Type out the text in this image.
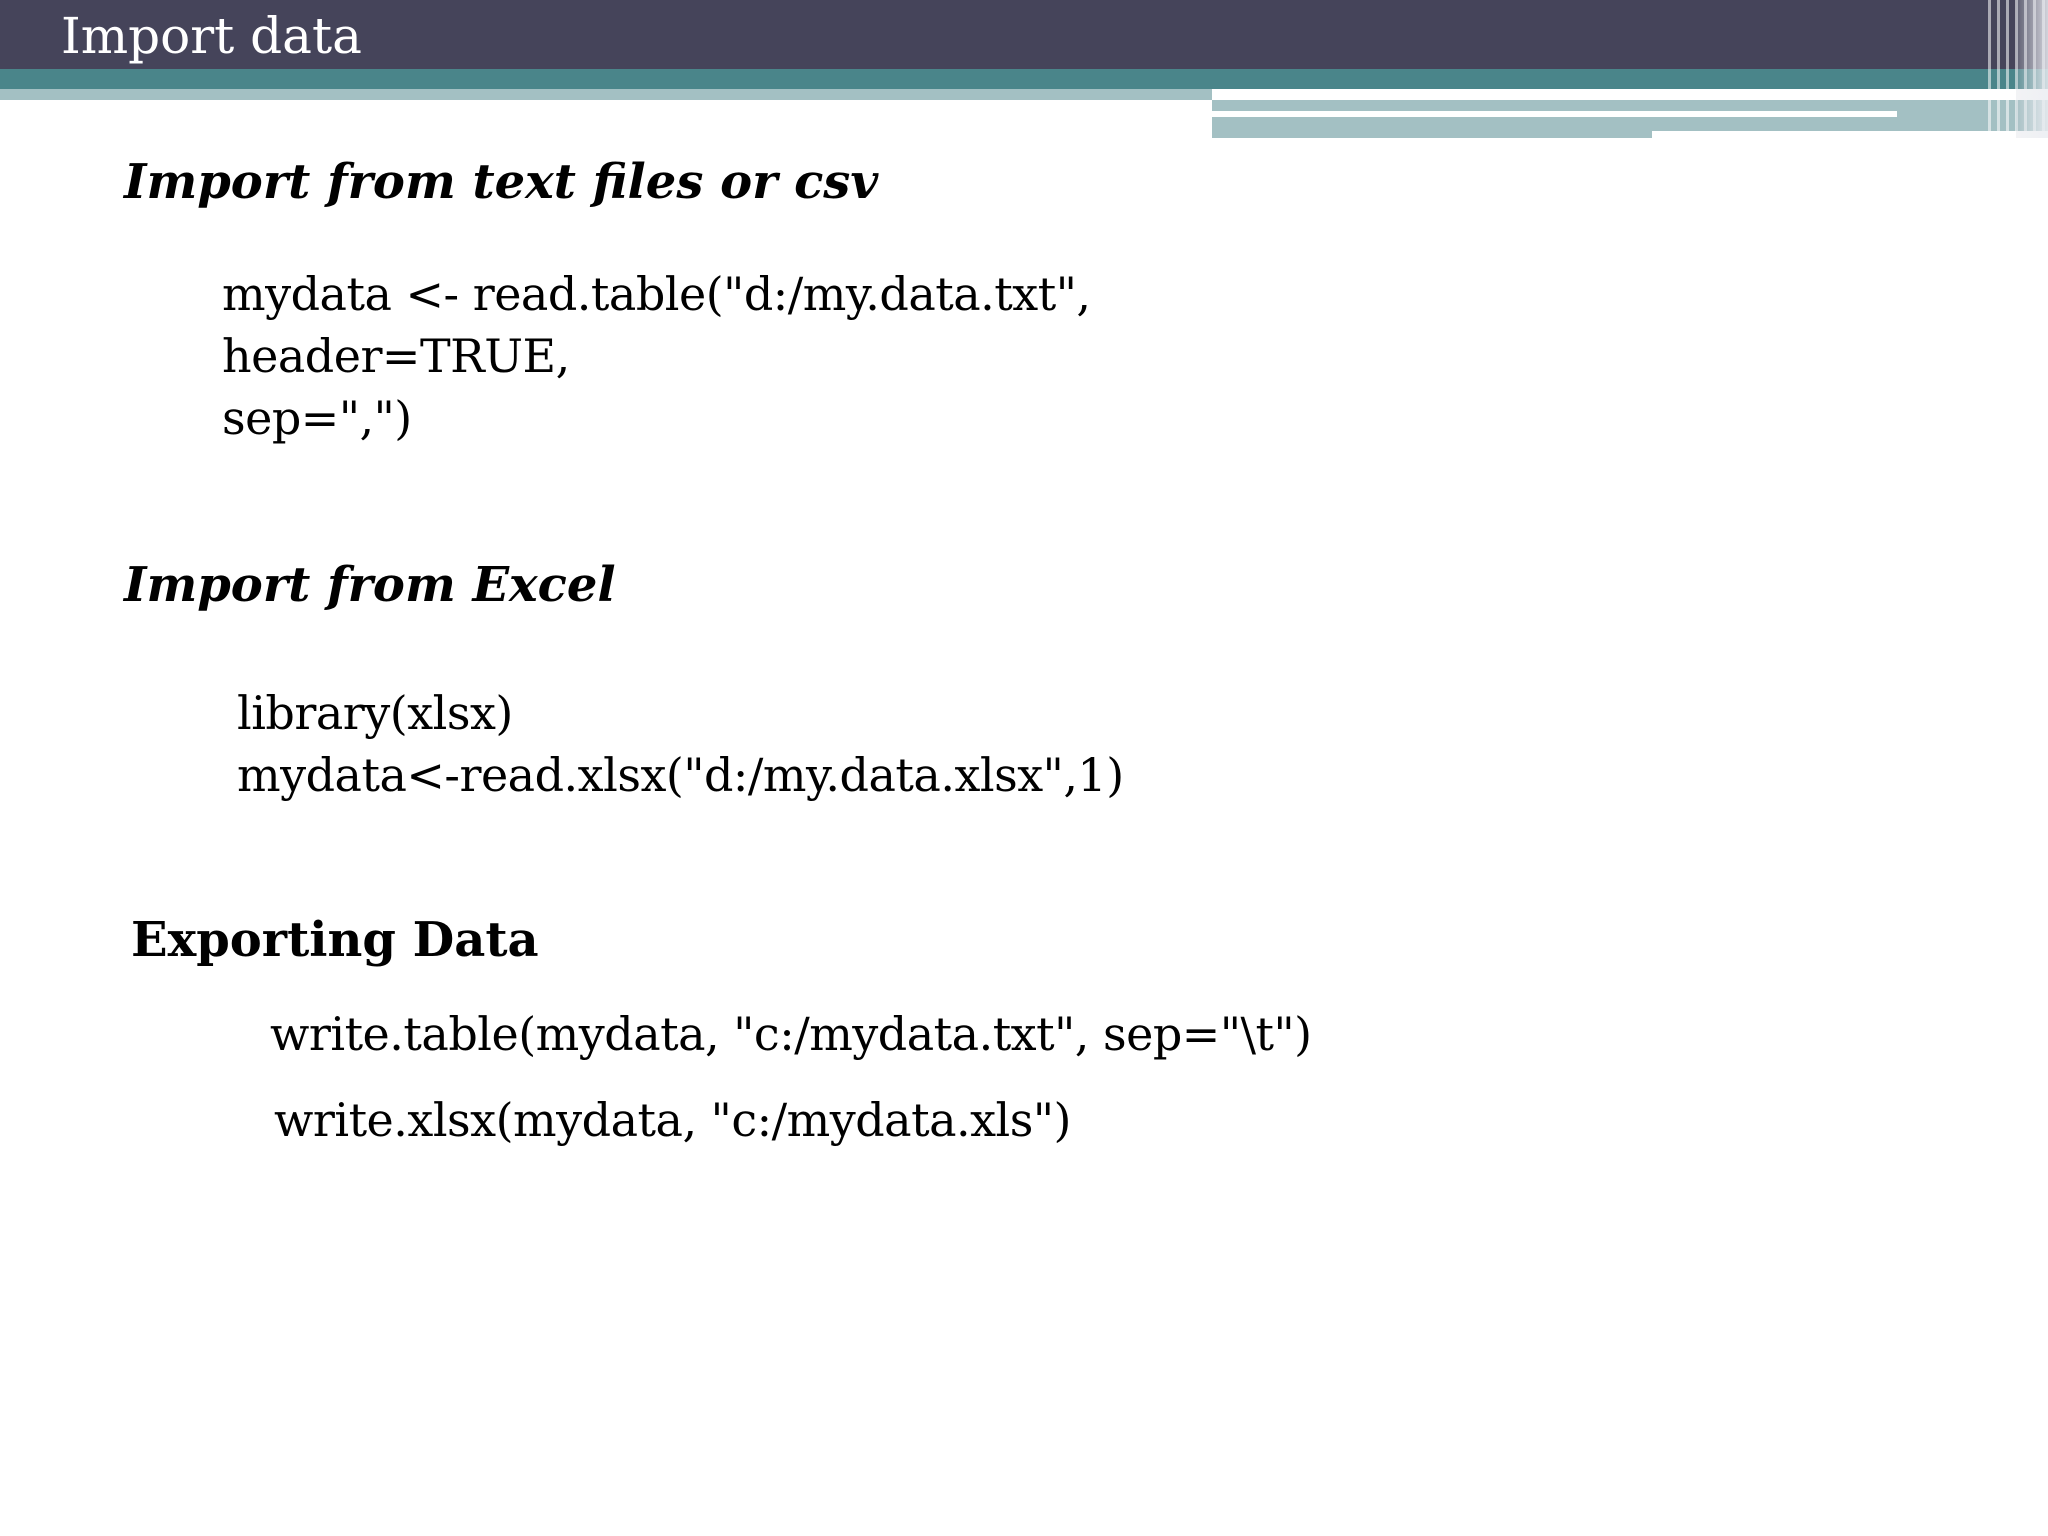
Import data
Import from text files or csv
mydata <- read.table("d:/my.data.txt",
header=TRUE,
sep=",")
Import from Excel
library(xlsx)
mydata<-read.xlsx("d:/my.data.xlsx",1)
Exporting Data
write.table(mydata, "c:/mydata.txt", sep="\t")
write.xlsx(mydata, "c:/mydata.xls")
